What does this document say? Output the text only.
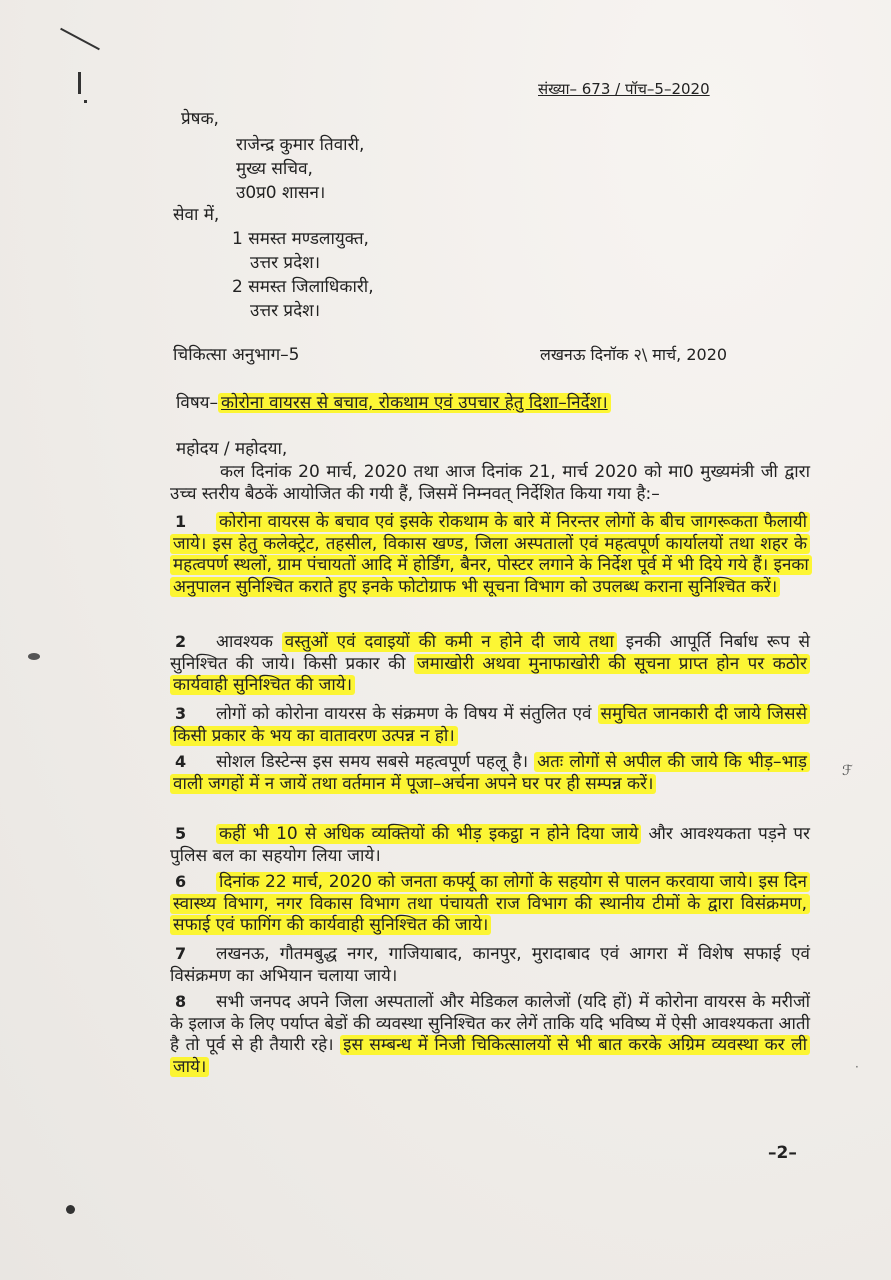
संख्या– 673 / पॉच–5–2020
प्रेषक,
राजेन्द्र कुमार तिवारी,
मुख्य सचिव,
उ0प्र0 शासन।
सेवा में,
1 समस्त मण्डलायुक्त,
उत्तर प्रदेश।
2 समस्त जिलाधिकारी,
उत्तर प्रदेश।
चिकित्सा अनुभाग–5	लखनऊ दिनॉक २\ मार्च, 2020
विषय– कोरोना वायरस से बचाव, रोकथाम एवं उपचार हेतु दिशा–निर्देश।
महोदय / महोदया,
कल दिनांक 20 मार्च, 2020 तथा आज दिनांक 21, मार्च 2020 को मा0 मुख्यमंत्री जी द्वारा उच्च स्तरीय बैठकें आयोजित की गयी हैं, जिसमें निम्नवत् निर्देशित किया गया है:–
1	कोरोना वायरस के बचाव एवं इसके रोकथाम के बारे में निरन्तर लोगों के बीच जागरूकता फैलायी जाये। इस हेतु कलेक्ट्रेट, तहसील, विकास खण्ड, जिला अस्पतालों एवं महत्वपूर्ण कार्यालयों तथा शहर के महत्वपर्ण स्थलों, ग्राम पंचायतों आदि में होर्डिंग, बैनर, पोस्टर लगाने के निर्देश पूर्व में भी दिये गये हैं। इनका अनुपालन सुनिश्चित कराते हुए इनके फोटोग्राफ भी सूचना विभाग को उपलब्ध कराना सुनिश्चित करें।
2	आवश्यक वस्तुओं एवं दवाइयों की कमी न होने दी जाये तथा इनकी आपूर्ति निर्बाध रूप से सुनिश्चित की जाये। किसी प्रकार की जमाखोरी अथवा मुनाफाखोरी की सूचना प्राप्त होन पर कठोर कार्यवाही सुनिश्चित की जाये।
3	लोगों को कोरोना वायरस के संक्रमण के विषय में संतुलित एवं समुचित जानकारी दी जाये जिससे किसी प्रकार के भय का वातावरण उत्पन्न न हो।
4	सोशल डिस्टेन्स इस समय सबसे महत्वपूर्ण पहलू है। अतः लोगों से अपील की जाये कि भीड़–भाड़ वाली जगहों में न जायें तथा वर्तमान में पूजा–अर्चना अपने घर पर ही सम्पन्न करें।
5	कहीं भी 10 से अधिक व्यक्तियों की भीड़ इकट्ठा न होने दिया जाये और आवश्यकता पड़ने पर पुलिस बल का सहयोग लिया जाये।
6	दिनांक 22 मार्च, 2020 को जनता कर्फ्यू का लोगों के सहयोग से पालन करवाया जाये। इस दिन स्वास्थ्य विभाग, नगर विकास विभाग तथा पंचायती राज विभाग की स्थानीय टीमों के द्वारा विसंक्रमण, सफाई एवं फागिंग की कार्यवाही सुनिश्चित की जाये।
7	लखनऊ, गौतमबुद्ध नगर, गाजियाबाद, कानपुर, मुरादाबाद एवं आगरा में विशेष सफाई एवं विसंक्रमण का अभियान चलाया जाये।
8	सभी जनपद अपने जिला अस्पतालों और मेडिकल कालेजों (यदि हों) में कोरोना वायरस के मरीजों के इलाज के लिए पर्याप्त बेडों की व्यवस्था सुनिश्चित कर लेगें ताकि यदि भविष्य में ऐसी आवश्यकता आती है तो पूर्व से ही तैयारी रहे। इस सम्बन्ध में निजी चिकित्सालयों से भी बात करके अग्रिम व्यवस्था कर ली जाये।
–2–
ℱ
·
